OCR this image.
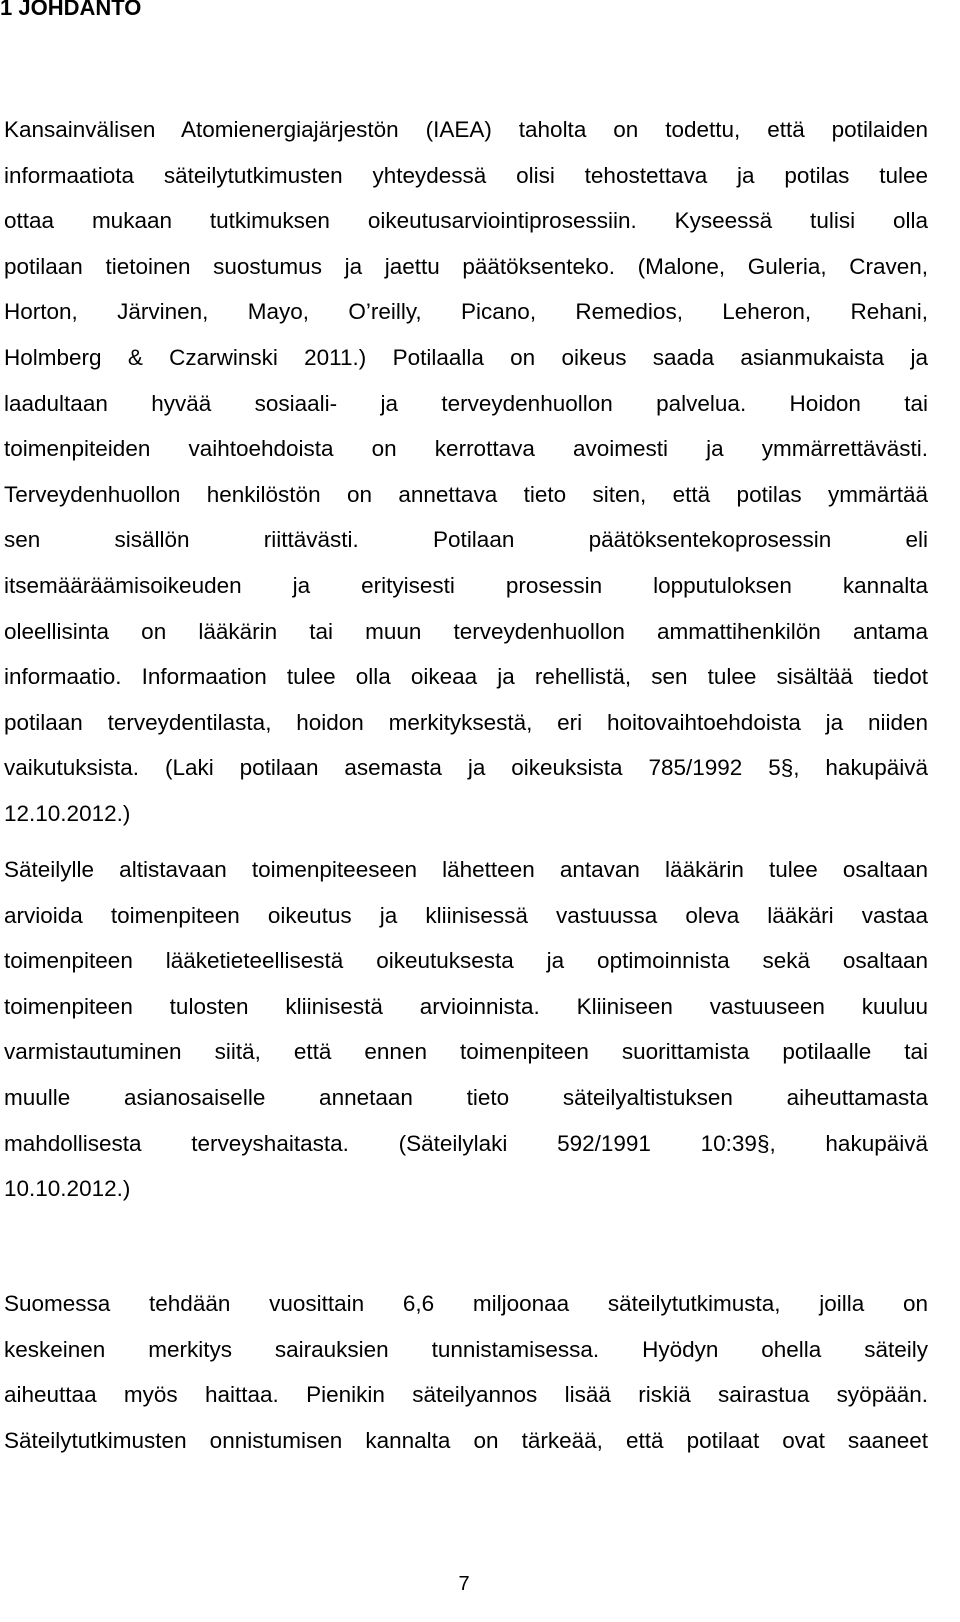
1 JOHDANTO

Kansainvälisen Atomienergiajärjestön (IAEA) taholta on todettu, että potilaiden
informaatiota säteilytutkimusten yhteydessä olisi tehostettava ja potilas tulee
ottaa mukaan tutkimuksen oikeutusarviointiprosessiin. Kyseessä tulisi olla
potilaan tietoinen suostumus ja jaettu päätöksenteko. (Malone, Guleria, Craven,
Horton, Järvinen, Mayo, O’reilly, Picano, Remedios, Leheron, Rehani,
Holmberg & Czarwinski 2011.) Potilaalla on oikeus saada asianmukaista ja
laadultaan hyvää sosiaali- ja terveydenhuollon palvelua. Hoidon tai
toimenpiteiden vaihtoehdoista on kerrottava avoimesti ja ymmärrettävästi.
Terveydenhuollon henkilöstön on annettava tieto siten, että potilas ymmärtää
sen sisällön riittävästi. Potilaan päätöksentekoprosessin eli
itsemääräämisoikeuden ja erityisesti prosessin lopputuloksen kannalta
oleellisinta on lääkärin tai muun terveydenhuollon ammattihenkilön antama
informaatio. Informaation tulee olla oikeaa ja rehellistä, sen tulee sisältää tiedot
potilaan terveydentilasta, hoidon merkityksestä, eri hoitovaihtoehdoista ja niiden
vaikutuksista. (Laki potilaan asemasta ja oikeuksista 785/1992 5§, hakupäivä
12.10.2012.)

Säteilylle altistavaan toimenpiteeseen lähetteen antavan lääkärin tulee osaltaan
arvioida toimenpiteen oikeutus ja kliinisessä vastuussa oleva lääkäri vastaa
toimenpiteen lääketieteellisestä oikeutuksesta ja optimoinnista sekä osaltaan
toimenpiteen tulosten kliinisestä arvioinnista. Kliiniseen vastuuseen kuuluu
varmistautuminen siitä, että ennen toimenpiteen suorittamista potilaalle tai
muulle asianosaiselle annetaan tieto säteilyaltistuksen aiheuttamasta
mahdollisesta terveyshaitasta. (Säteilylaki 592/1991 10:39§, hakupäivä
10.10.2012.)

Suomessa tehdään vuosittain 6,6 miljoonaa säteilytutkimusta, joilla on
keskeinen merkitys sairauksien tunnistamisessa. Hyödyn ohella säteily
aiheuttaa myös haittaa. Pienikin säteilyannos lisää riskiä sairastua syöpään.
Säteilytutkimusten onnistumisen kannalta on tärkeää, että potilaat ovat saaneet

7
